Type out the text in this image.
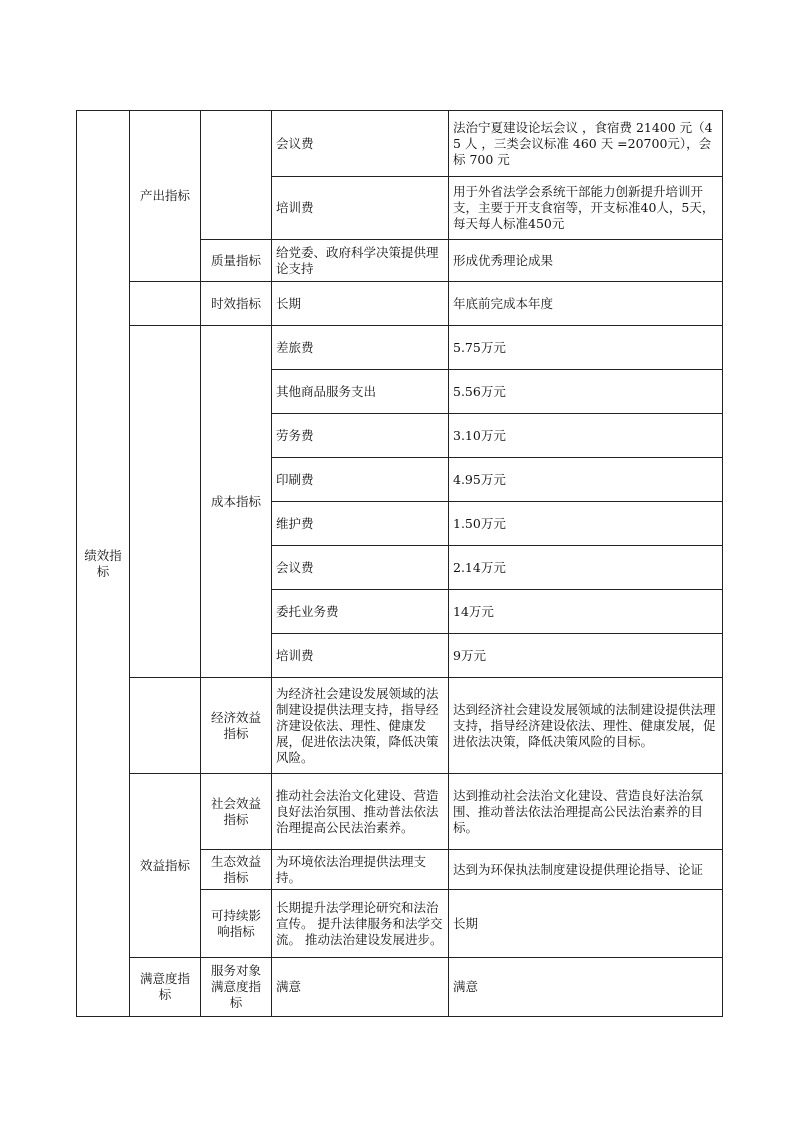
绩效指标	产出指标		会议费	法治宁夏建设论坛会议 ，食宿费 21400 元（45 人 ，三类会议标准 460 天 =20700元），会标 700 元
			培训费	用于外省法学会系统干部能力创新提升培训开支，主要于开支食宿等，开支标准40人，5天，每天每人标准450元
		质量指标	给党委、政府科学决策提供理论支持	形成优秀理论成果
		时效指标	长期	年底前完成本年度
		成本指标	差旅费	5.75万元
			其他商品服务支出	5.56万元
			劳务费	3.10万元
			印刷费	4.95万元
			维护费	1.50万元
			会议费	2.14万元
			委托业务费	14万元
			培训费	9万元
		经济效益指标	为经济社会建设发展领域的法制建设提供法理支持，指导经济建设依法、理性、健康发展，促进依法决策，降低决策风险。	达到经济社会建设发展领域的法制建设提供法理支持，指导经济建设依法、理性、健康发展，促进依法决策，降低决策风险的目标。
	效益指标	社会效益指标	推动社会法治文化建设、营造良好法治氛围、推动普法依法治理提高公民法治素养。	达到推动社会法治文化建设、营造良好法治氛围、推动普法依法治理提高公民法治素养的目标。
		生态效益指标	为环境依法治理提供法理支持。	达到为环保执法制度建设提供理论指导、论证
		可持续影响指标	长期提升法学理论研究和法治宣传。 提升法律服务和法学交流。 推动法治建设发展进步。	长期
	满意度指标	服务对象满意度指标	满意	满意
